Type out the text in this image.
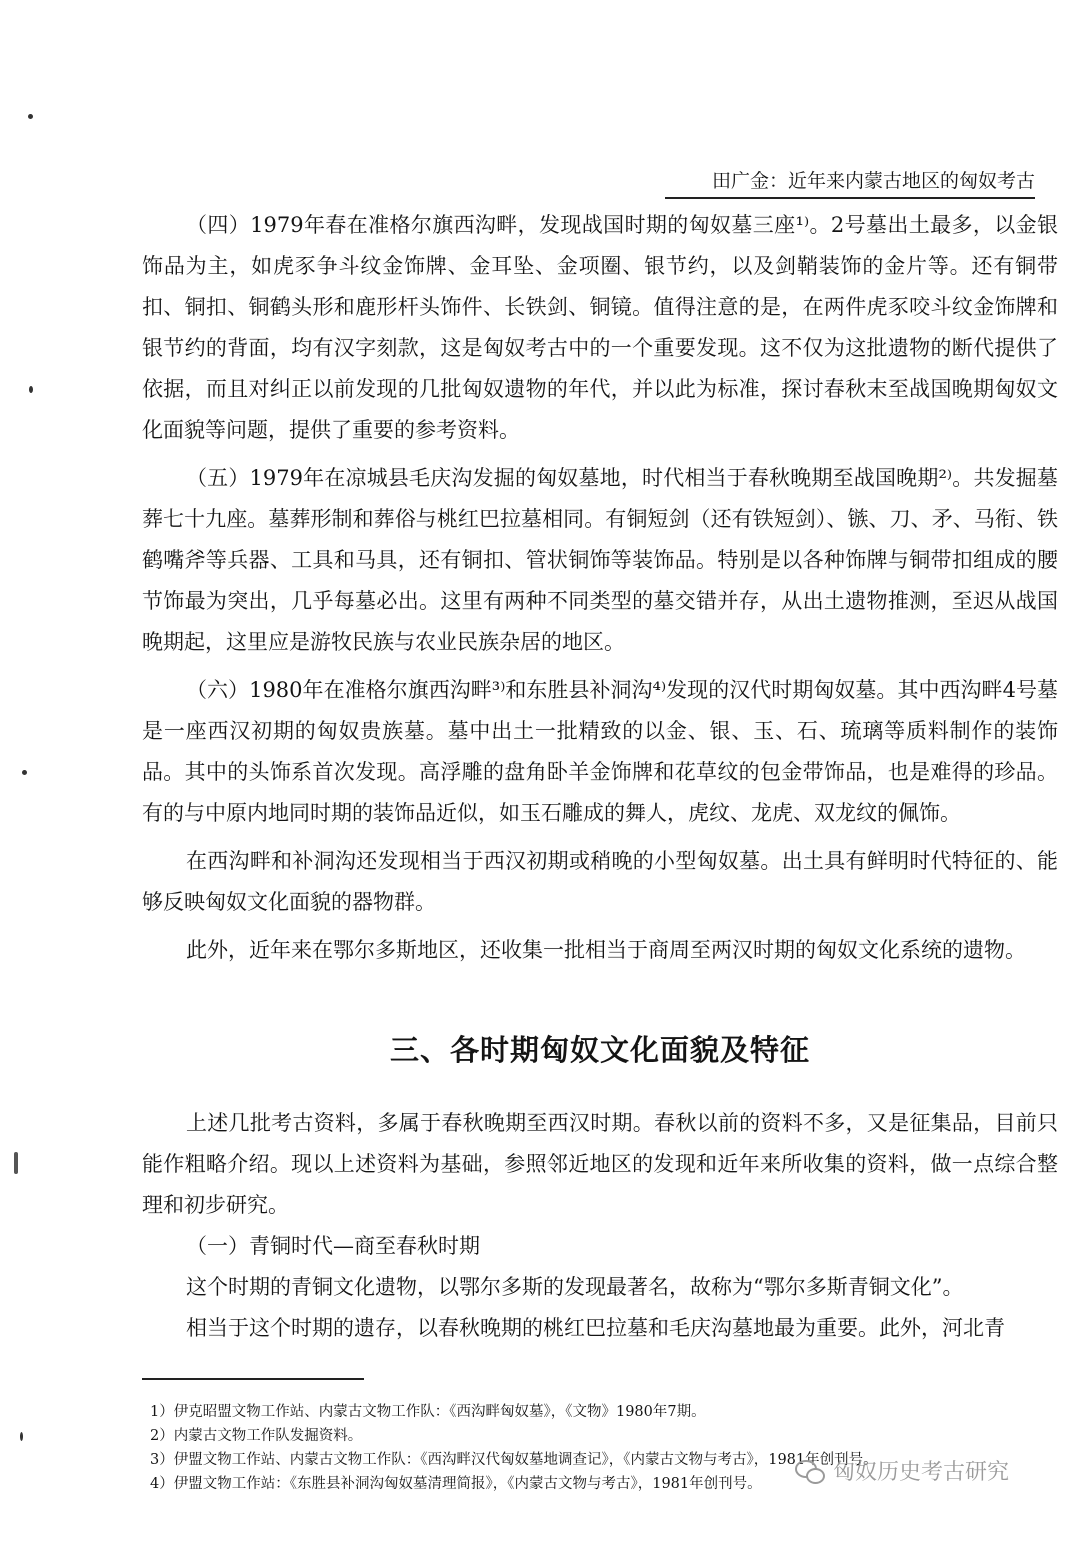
田广金：近年来内蒙古地区的匈奴考古

（四）1979年春在准格尔旗西沟畔，发现战国时期的匈奴墓三座¹⁾。2号墓出土最多，以金银饰品为主，如虎豕争斗纹金饰牌、金耳坠、金项圈、银节约，以及剑鞘装饰的金片等。还有铜带扣、铜扣、铜鹤头形和鹿形杆头饰件、长铁剑、铜镜。值得注意的是，在两件虎豕咬斗纹金饰牌和银节约的背面，均有汉字刻款，这是匈奴考古中的一个重要发现。这不仅为这批遗物的断代提供了依据，而且对纠正以前发现的几批匈奴遗物的年代，并以此为标准，探讨春秋末至战国晚期匈奴文化面貌等问题，提供了重要的参考资料。

（五）1979年在凉城县毛庆沟发掘的匈奴墓地，时代相当于春秋晚期至战国晚期²⁾。共发掘墓葬七十九座。墓葬形制和葬俗与桃红巴拉墓相同。有铜短剑（还有铁短剑）、镞、刀、矛、马衔、铁鹤嘴斧等兵器、工具和马具，还有铜扣、管状铜饰等装饰品。特别是以各种饰牌与铜带扣组成的腰节饰最为突出，几乎每墓必出。这里有两种不同类型的墓交错并存，从出土遗物推测，至迟从战国晚期起，这里应是游牧民族与农业民族杂居的地区。

（六）1980年在准格尔旗西沟畔³⁾和东胜县补洞沟⁴⁾发现的汉代时期匈奴墓。其中西沟畔4号墓是一座西汉初期的匈奴贵族墓。墓中出土一批精致的以金、银、玉、石、琉璃等质料制作的装饰品。其中的头饰系首次发现。高浮雕的盘角卧羊金饰牌和花草纹的包金带饰品，也是难得的珍品。有的与中原内地同时期的装饰品近似，如玉石雕成的舞人，虎纹、龙虎、双龙纹的佩饰。

在西沟畔和补洞沟还发现相当于西汉初期或稍晚的小型匈奴墓。出土具有鲜明时代特征的、能够反映匈奴文化面貌的器物群。

此外，近年来在鄂尔多斯地区，还收集一批相当于商周至两汉时期的匈奴文化系统的遗物。

三、各时期匈奴文化面貌及特征

上述几批考古资料，多属于春秋晚期至西汉时期。春秋以前的资料不多，又是征集品，目前只能作粗略介绍。现以上述资料为基础，参照邻近地区的发现和近年来所收集的资料，做一点综合整理和初步研究。

（一）青铜时代—商至春秋时期

这个时期的青铜文化遗物，以鄂尔多斯的发现最著名，故称为“鄂尔多斯青铜文化”。

相当于这个时期的遗存，以春秋晚期的桃红巴拉墓和毛庆沟墓地最为重要。此外，河北青

1）伊克昭盟文物工作站、内蒙古文物工作队：《西沟畔匈奴墓》，《文物》1980年7期。

2）内蒙古文物工作队发掘资料。

3）伊盟文物工作站、内蒙古文物工作队：《西沟畔汉代匈奴墓地调查记》，《内蒙古文物与考古》，1981年创刊号。

4）伊盟文物工作站：《东胜县补洞沟匈奴墓清理简报》，《内蒙古文物与考古》，1981年创刊号。	匈奴历史考古研究
